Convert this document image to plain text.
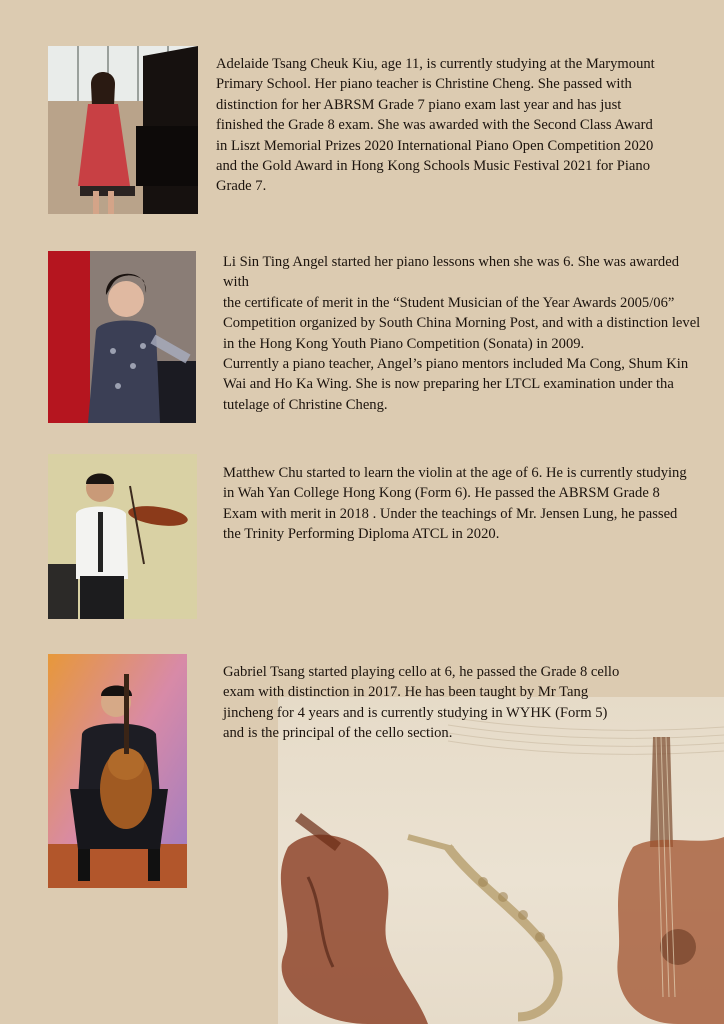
Adelaide Tsang Cheuk Kiu, age 11, is currently studying at the Marymount
Primary School. Her piano teacher is Christine Cheng. She passed with
distinction for her ABRSM Grade 7 piano exam last year and has just
finished the Grade 8 exam. She was awarded with the Second Class Award
in Liszt Memorial Prizes 2020 International Piano Open Competition 2020
and the Gold Award in Hong Kong Schools Music Festival 2021 for Piano
Grade 7.

Li Sin Ting Angel started her piano lessons when she was 6. She was awarded with
the certificate of merit in the “Student Musician of the Year Awards 2005/06”
Competition organized by South China Morning Post, and with a distinction level
in the Hong Kong Youth Piano Competition (Sonata) in 2009.
Currently a piano teacher, Angel’s piano mentors included Ma Cong, Shum Kin
Wai and Ho Ka Wing. She is now preparing her LTCL examination under tha
tutelage of Christine Cheng.

Matthew Chu started to learn the violin at the age of 6. He is currently studying
in Wah Yan College Hong Kong (Form 6). He passed the ABRSM Grade 8
Exam with merit in 2018 . Under the teachings of Mr. Jensen Lung, he passed
the Trinity Performing Diploma ATCL in 2020.

Gabriel Tsang started playing cello at 6, he passed the Grade 8 cello
exam with distinction in 2017. He has been taught by Mr Tang
jincheng for 4 years and is currently studying in WYHK (Form 5)
and is the principal of the cello section.
